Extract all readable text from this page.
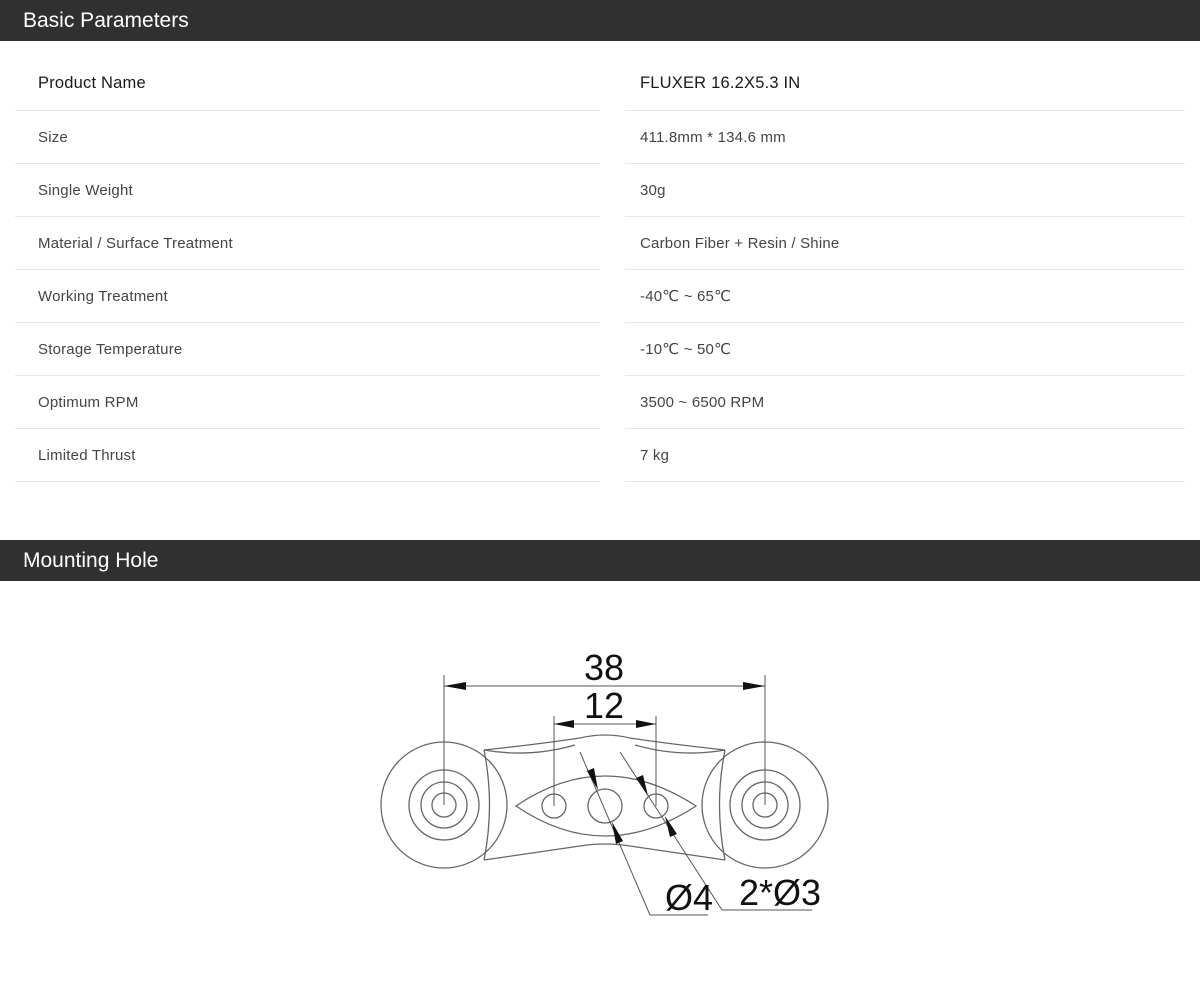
Basic Parameters
Product Name
Size
Single Weight
Material / Surface Treatment
Working Treatment
Storage Temperature
Optimum RPM
Limited Thrust
FLUXER 16.2X5.3 IN
411.8mm * 134.6 mm
30g
Carbon Fiber + Resin / Shine
-40℃ ~ 65℃
-10℃ ~ 50℃
3500 ~ 6500 RPM
7 kg
Mounting Hole
38
12
Ø4 2*Ø3
